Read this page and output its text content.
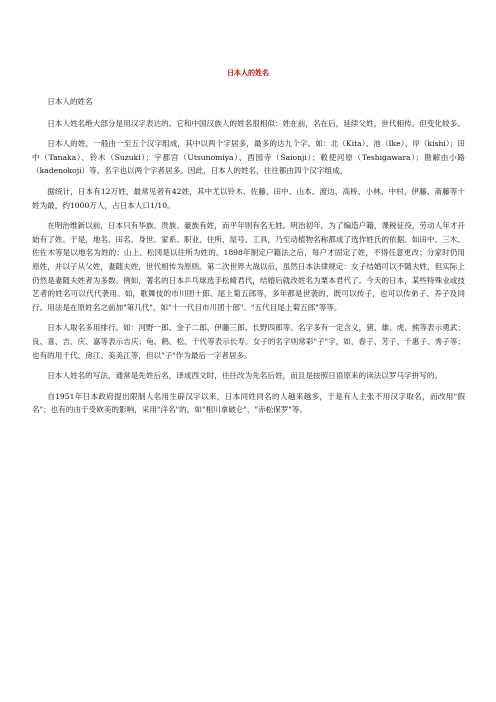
日本人的姓名

日本人的姓名

日本人姓名绝大部分是用汉字表达的。它和中国汉族人的姓名很相似：姓在前，名在后，延续父姓，世代相传。但变化较多。

日本人的姓，一般由一至五个汉字组成，其中以两个字居多，最多的达九个字。如：北（Kita）、池（Ike）、岸（kishi）；田中（Tanaka）、铃木（Suzuki）；宇都宫（Utsunomiya）、西园寺（Saionji）；敕使河原（Teshigawara）；勘解由小路（kadenokoji）等。名字也以两个字者居多。因此，日本人的姓名，往往都由四个汉字组成。

据统计，日本有12万姓，最常见者有42姓，其中尤以铃木、佐藤、田中、山本、渡边、高桥、小林、中村、伊藤、斋藤等十姓为最，约1000万人，占日本人口1/10。

在明治维新以前，日本只有华族、贵族、豪族有姓，而平年则有名无姓。明治初年，为了编造户籍，课税征役，劳动人年才开始有了姓。于是，地名、田名、身世、家系、职业、住所、屋号、工具，乃至动植物名称都成了选作姓氏的依据。如田中、三木、佐佐木等是以地名为姓的；山上、松冈是以住所为姓的。1898年制定户籍法之后，每户才固定了姓，不得任意更改；分家时仍用原姓，并以子从父姓，妻随夫姓，世代相传为原则。第二次世界大战以后，虽然日本法律规定：女子结婚可以不随夫姓，但实际上仍然是妻随夫姓者为多数。例如，著名的日本乒乓球选手松崎君代，结婚后就改姓名为栗本君代了。今天的日本，某些特殊业或技艺者的姓名可以代代袭用。如，歌舞伎的市川团十郎、尾上菊五郎等，多年都是世袭的，既可以传子，也可以传弟子、养子及同行。用法是在原姓名之前加"第几代"，如"十一代目市川团十郎"、"五代目尾上菊五郎"等等。

日本人取名多用排行。如：河野一郎、金子二郎、伊藤三郎、长野四郎等。名字多有一定含义，猪、雄、虎、熊等表示勇武；良、喜、吉、庆、嘉等表示吉庆；龟、鹤、松、千代等表示长寿。女子的名字则常彩"子"字，如，春子、芳子、千惠子、秀子等；也有的用千代、房江、美美江等，但以"子"作为最后一字者居多。

日本人姓名的写法，通常是先姓后名，译成西文时，往往改为先名后姓，而且是按照日语原来的读法以罗马字拼写的。

自1951年日本政府提出限制人名用生辟汉字以来，日本同姓同名的人越来越多，于是有人主张不用汉字取名，而改用"假名"；也有的由于受欧美的影响，采用"洋名"的，如"相川拿破仑"、"赤松保罗"等。
